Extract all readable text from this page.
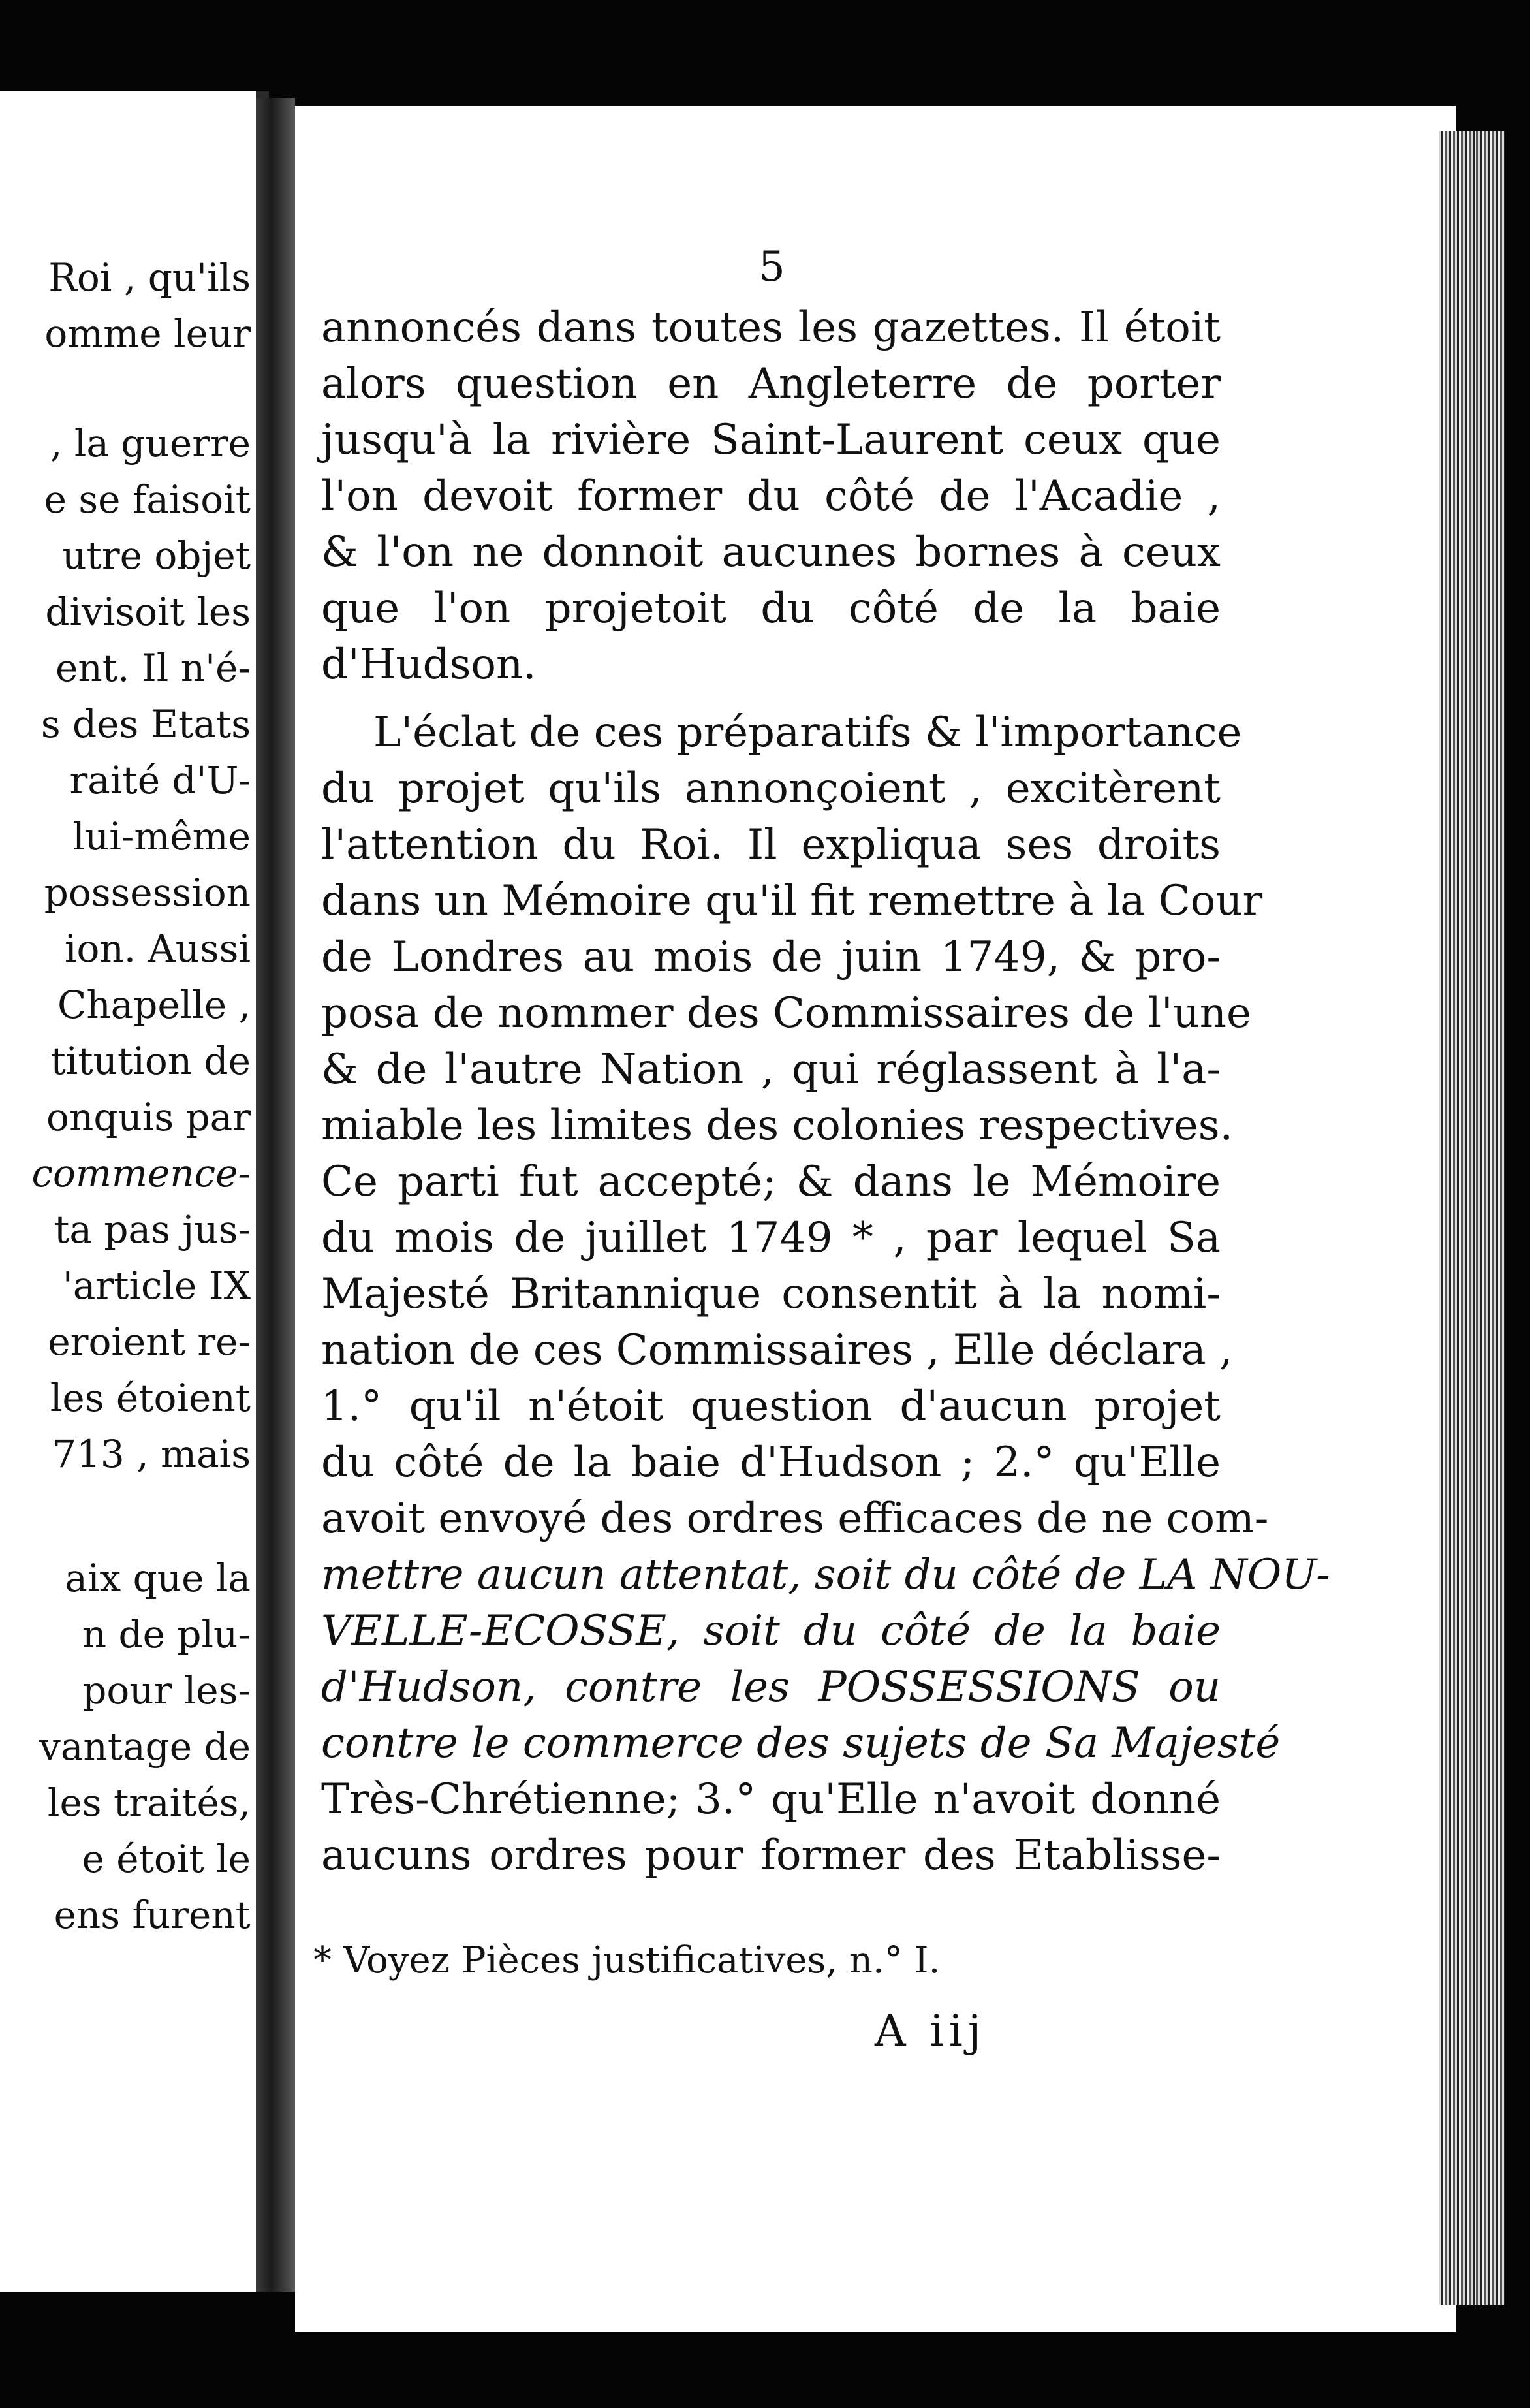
Roi , qu'ils
omme leur
, la guerre
e se faisoit
utre objet
divisoit les
ent. Il n'é-
s des Etats
raité d'U-
lui-même
possession
ion. Aussi
Chapelle ,
titution de
onquis par
commence-
ta pas jus-
'article IX
eroient re-
les étoient
713 , mais
aix que la
n de plu-
pour les-
vantage de
les traités,
e étoit le
ens furent
5
annoncés dans toutes les gazettes. Il étoit
alors question en Angleterre de porter
jusqu'à la rivière Saint-Laurent ceux que
l'on devoit former du côté de l'Acadie ,
& l'on ne donnoit aucunes bornes à ceux
que l'on projetoit du côté de la baie
d'Hudson.
L'éclat de ces préparatifs & l'importance
du projet qu'ils annonçoient , excitèrent
l'attention du Roi. Il expliqua ses droits
dans un Mémoire qu'il fit remettre à la Cour
de Londres au mois de juin 1749, & pro-
posa de nommer des Commissaires de l'une
& de l'autre Nation , qui réglassent à l'a-
miable les limites des colonies respectives.
Ce parti fut accepté; & dans le Mémoire
du mois de juillet 1749 * , par lequel Sa
Majesté Britannique consentit à la nomi-
nation de ces Commissaires , Elle déclara ,
1.° qu'il n'étoit question d'aucun projet
du côté de la baie d'Hudson ; 2.° qu'Elle
avoit envoyé des ordres efficaces de ne com-
mettre aucun attentat, soit du côté de LA NOU-
VELLE-ECOSSE, soit du côté de la baie
d'Hudson, contre les POSSESSIONS ou
contre le commerce des sujets de Sa Majesté
Très-Chrétienne; 3.° qu'Elle n'avoit donné
aucuns ordres pour former des Etablisse-
* Voyez Pièces justificatives, n.° I.
A iij
